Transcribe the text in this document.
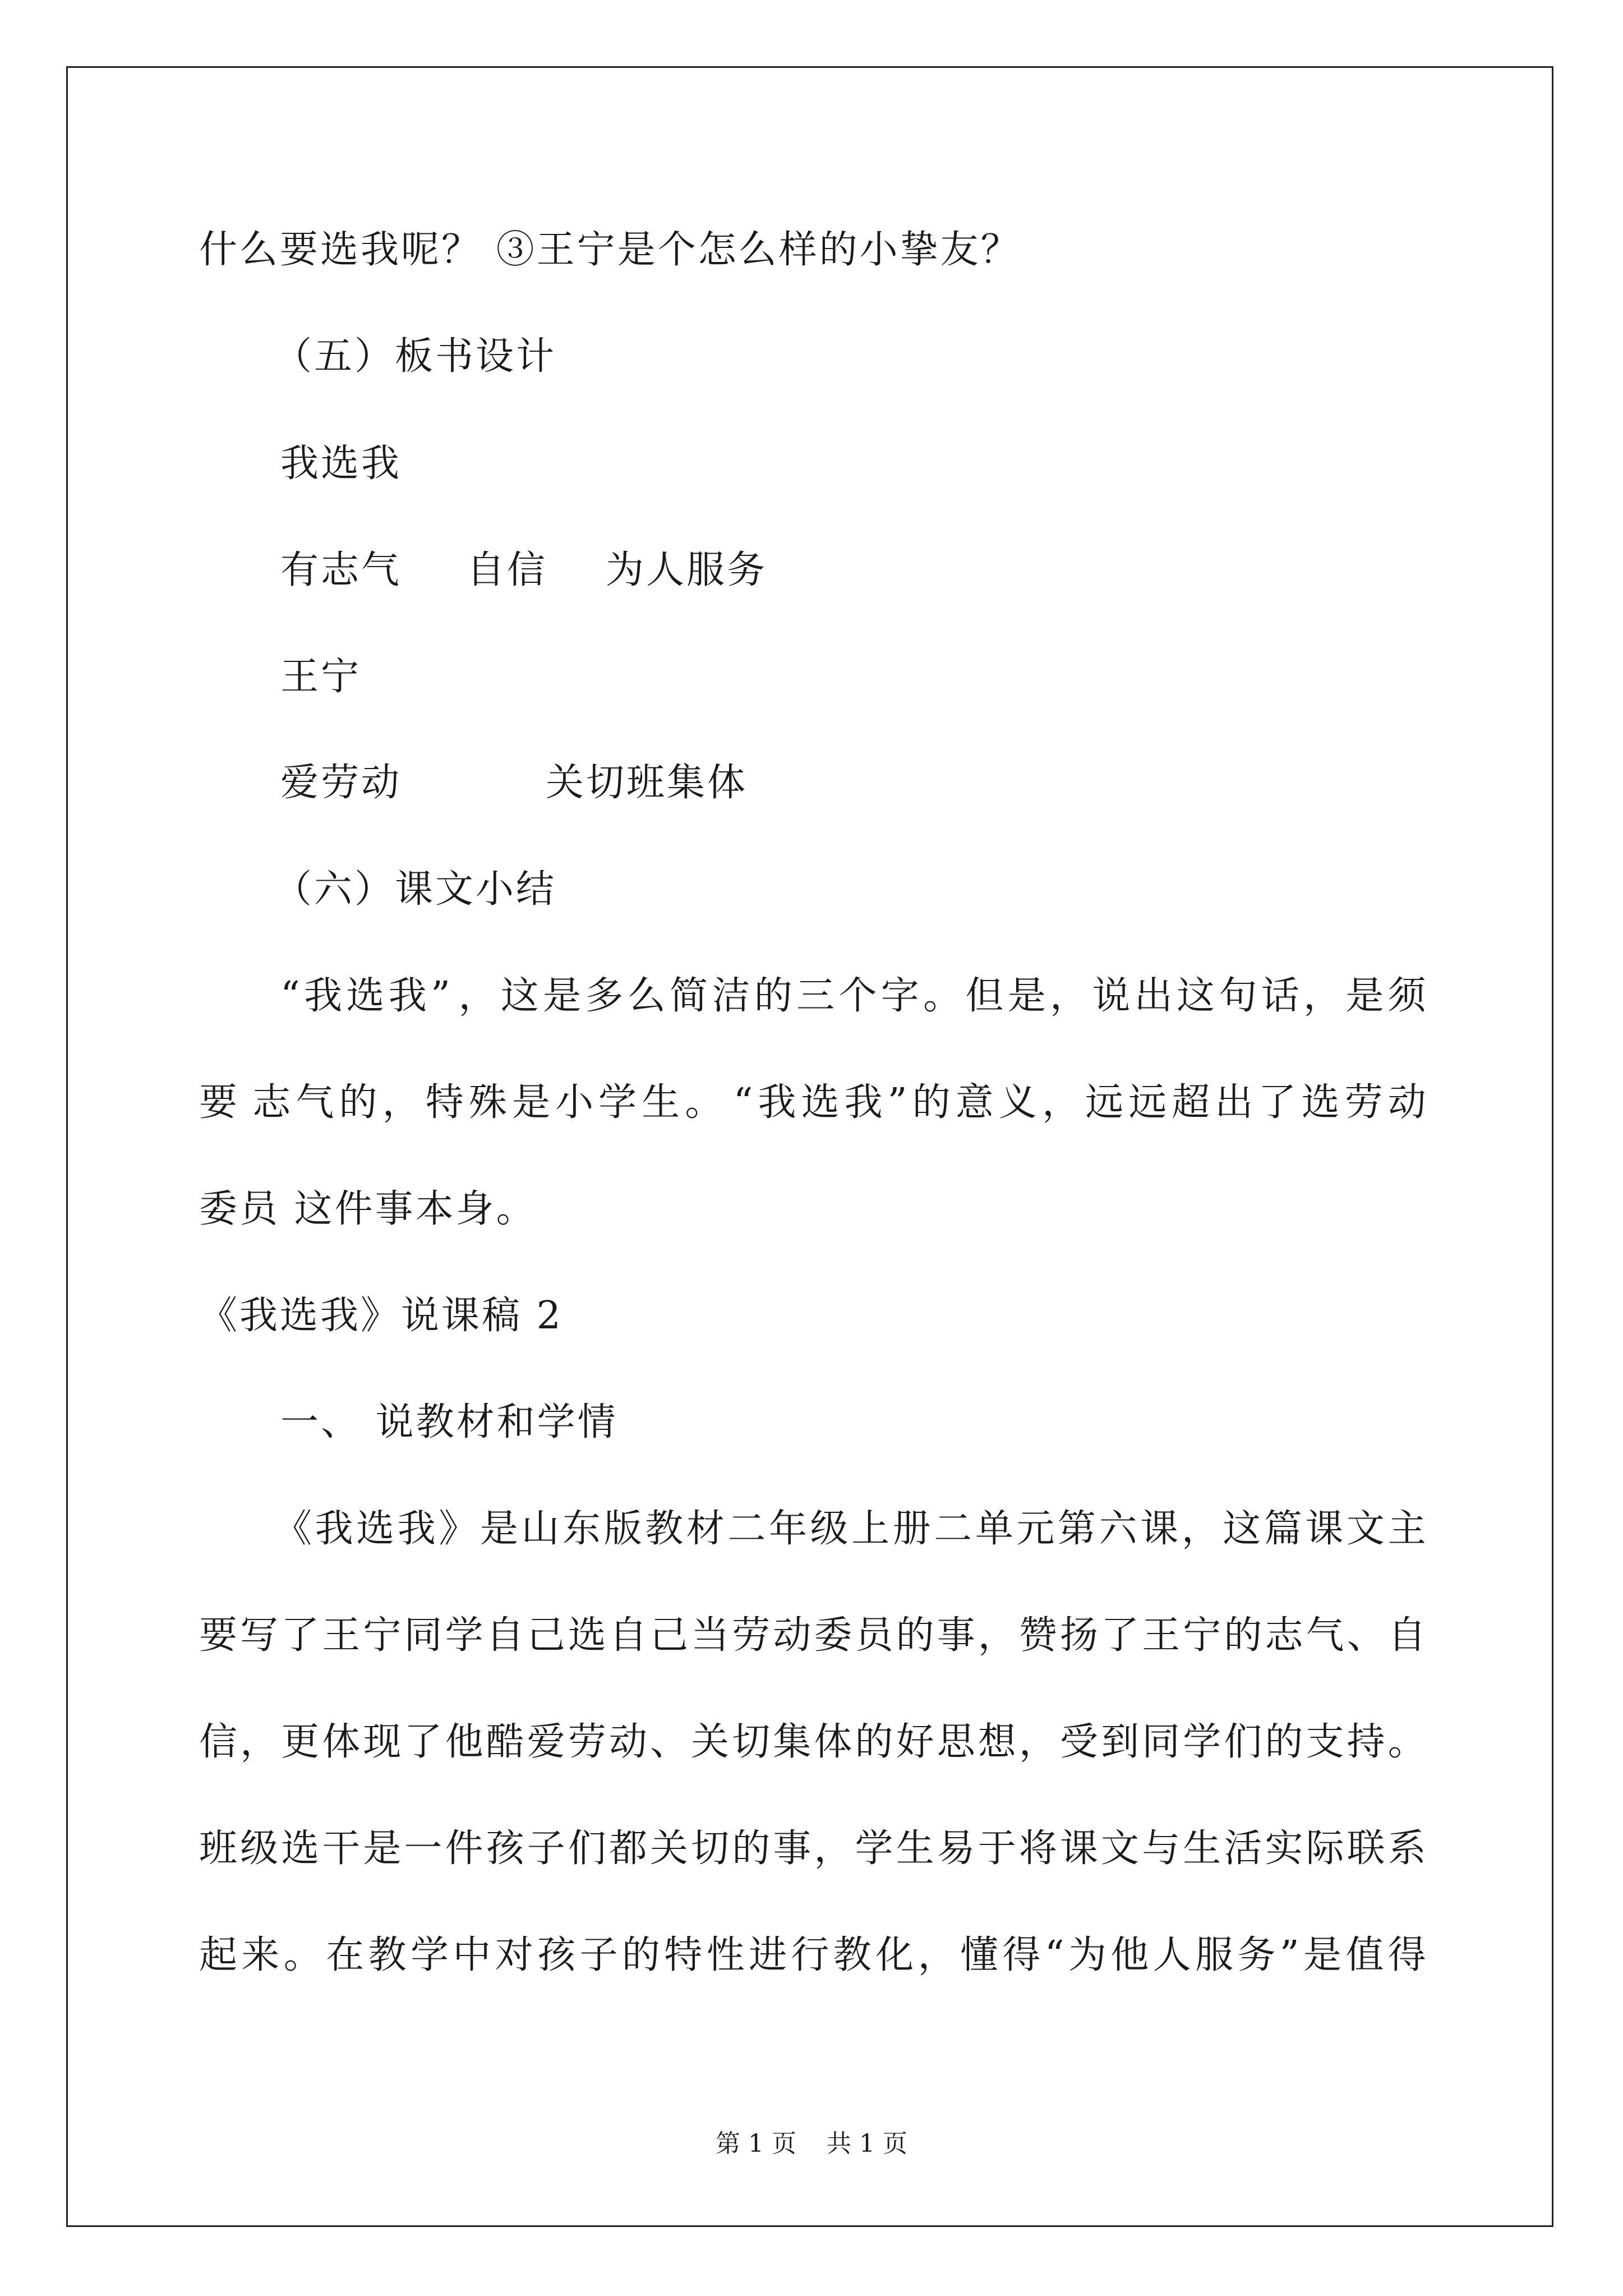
什么要选我呢？ ③王宁是个怎么样的小挚友？
（五）板书设计
我选我
有志气 自信 为人服务
王宁
爱劳动	关切班集体
（六）课文小结
“ 我 选 我 ” ， 这 是 多 么 简 洁 的 三 个 字 。 但 是 ， 说 出 这 句 话 ， 是 须
要 志 气 的 ， 特 殊 是 小 学 生 。 “ 我 选 我 ” 的 意 义 ， 远 远 超 出 了 选 劳 动
委员 这件事本身。
《我选我》说课稿 2
一、 说教材和学情
《 我 选 我 》 是 山 东 版 教 材 二 年 级 上 册 二 单 元 第 六 课 ， 这 篇 课 文 主
要 写 了 王 宁 同 学 自 己 选 自 己 当 劳 动 委 员 的 事 ， 赞 扬 了 王 宁 的 志 气 、 自
信 ， 更 体 现 了 他 酷 爱 劳 动 、 关 切 集 体 的 好 思 想 ， 受 到 同 学 们 的 支 持 。
班 级 选 干 是 一 件 孩 子 们 都 关 切 的 事 ， 学 生 易 于 将 课 文 与 生 活 实 际 联 系
起 来 。 在 教 学 中 对 孩 子 的 特 性 进 行 教 化 ， 懂 得 “ 为 他 人 服 务 ” 是 值 得
第 1 页 共 1 页
